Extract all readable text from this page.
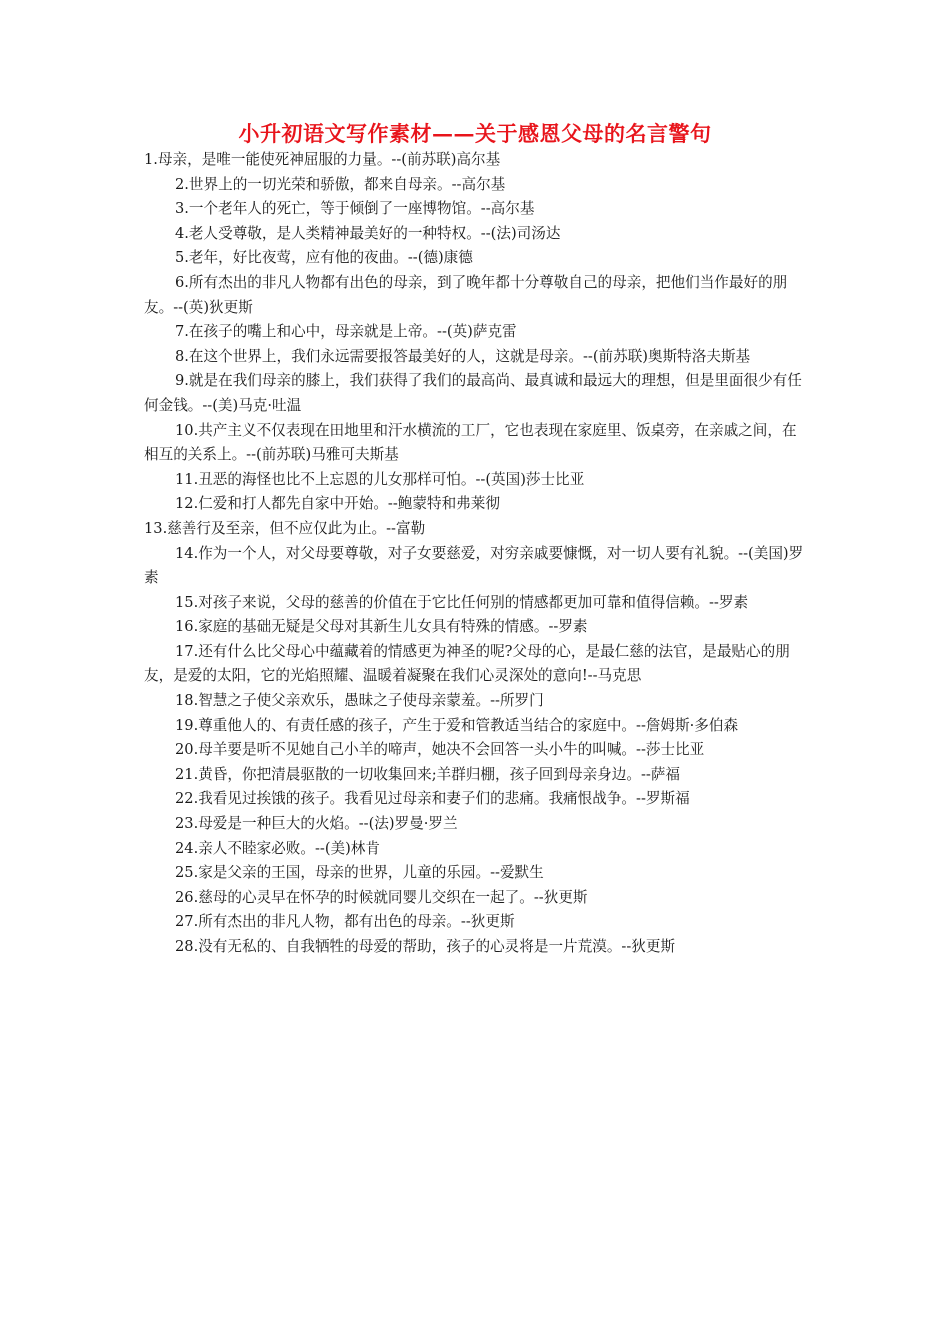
小升初语文写作素材——关于感恩父母的名言警句

1.母亲，是唯一能使死神屈服的力量。--(前苏联)高尔基

2.世界上的一切光荣和骄傲，都来自母亲。--高尔基

3.一个老年人的死亡，等于倾倒了一座博物馆。--高尔基

4.老人受尊敬，是人类精神最美好的一种特权。--(法)司汤达

5.老年，好比夜莺，应有他的夜曲。--(德)康德

6.所有杰出的非凡人物都有出色的母亲，到了晚年都十分尊敬自己的母亲，把他们当作最好的朋友。--(英)狄更斯

7.在孩子的嘴上和心中，母亲就是上帝。--(英)萨克雷

8.在这个世界上，我们永远需要报答最美好的人，这就是母亲。--(前苏联)奥斯特洛夫斯基

9.就是在我们母亲的膝上，我们获得了我们的最高尚、最真诚和最远大的理想，但是里面很少有任何金钱。--(美)马克·吐温

10.共产主义不仅表现在田地里和汗水横流的工厂，它也表现在家庭里、饭桌旁，在亲戚之间，在相互的关系上。--(前苏联)马雅可夫斯基

11.丑恶的海怪也比不上忘恩的儿女那样可怕。--(英国)莎士比亚

12.仁爱和打人都先自家中开始。--鲍蒙特和弗莱彻

13.慈善行及至亲，但不应仅此为止。--富勒

14.作为一个人，对父母要尊敬，对子女要慈爱，对穷亲戚要慷慨，对一切人要有礼貌。--(美国)罗素

15.对孩子来说，父母的慈善的价值在于它比任何别的情感都更加可靠和值得信赖。--罗素

16.家庭的基础无疑是父母对其新生儿女具有特殊的情感。--罗素

17.还有什么比父母心中蕴藏着的情感更为神圣的呢?父母的心，是最仁慈的法官，是最贴心的朋友，是爱的太阳，它的光焰照耀、温暖着凝聚在我们心灵深处的意向!--马克思

18.智慧之子使父亲欢乐，愚昧之子使母亲蒙羞。--所罗门

19.尊重他人的、有责任感的孩子，产生于爱和管教适当结合的家庭中。--詹姆斯·多伯森

20.母羊要是听不见她自己小羊的啼声，她决不会回答一头小牛的叫喊。--莎士比亚

21.黄昏，你把清晨驱散的一切收集回来;羊群归棚，孩子回到母亲身边。--萨福

22.我看见过挨饿的孩子。我看见过母亲和妻子们的悲痛。我痛恨战争。--罗斯福

23.母爱是一种巨大的火焰。--(法)罗曼·罗兰

24.亲人不睦家必败。--(美)林肯

25.家是父亲的王国，母亲的世界，儿童的乐园。--爱默生

26.慈母的心灵早在怀孕的时候就同婴儿交织在一起了。--狄更斯

27.所有杰出的非凡人物，都有出色的母亲。--狄更斯

28.没有无私的、自我牺牲的母爱的帮助，孩子的心灵将是一片荒漠。--狄更斯
